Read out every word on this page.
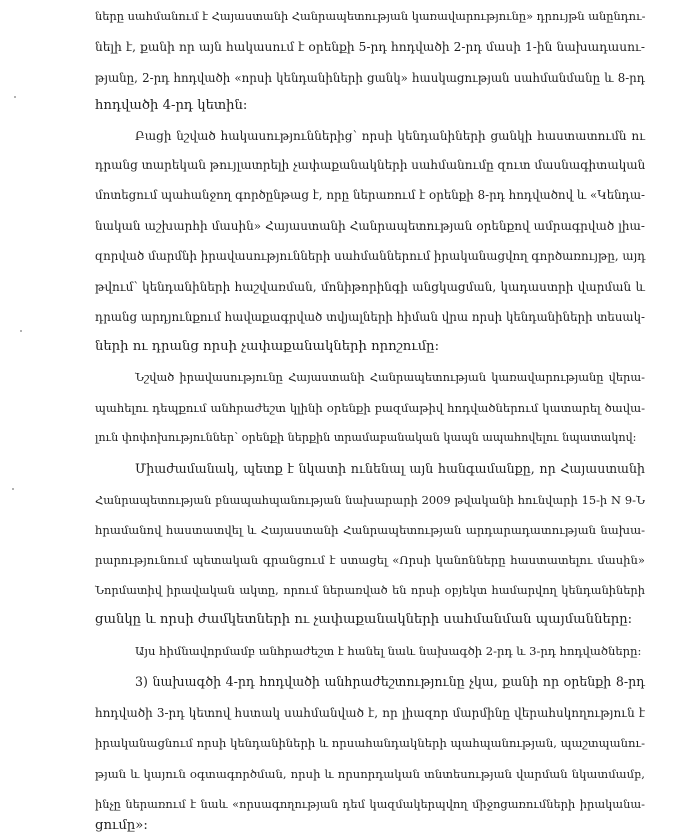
ները սահմանում է Հայաստանի Հանրապետության կառավարությունը» դրույթն անընդու-
նելի է, քանի որ այն հակասում է օրենքի 5-րդ հոդվածի 2-րդ մասի 1-ին նախադասու-
թյանը, 2-րդ հոդվածի «որսի կենդանիների ցանկ» հասկացության սահմանմանը և 8-րդ
հոդվածի 4-րդ կետին:
Բացի նշված հակասություններից՝ որսի կենդանիների ցանկի հաստատումն ու
դրանց տարեկան թույլատրելի չափաքանակների սահմանումը զուտ մասնագիտական
մոտեցում պահանջող գործընթաց է, որը ներառում է օրենքի 8-րդ հոդվածով և «Կենդա-
նական աշխարհի մասին» Հայաստանի Հանրապետության օրենքով ամրագրված լիա-
զորված մարմնի իրավասությունների սահմաններում իրականացվող գործառույթը, այդ
թվում՝ կենդանիների հաշվառման, մոնիթորինգի անցկացման, կադաստրի վարման և
դրանց արդյունքում հավաքագրված տվյալների հիման վրա որսի կենդանիների տեսակ-
ների ու դրանց որսի չափաքանակների որոշումը:
Նշված իրավասությունը Հայաստանի Հանրապետության կառավարությանը վերա-
պահելու դեպքում անհրաժեշտ կլինի օրենքի բազմաթիվ հոդվածներում կատարել ծավա-
լուն փոփոխություններ՝ օրենքի ներքին տրամաբանական կապն ապահովելու նպատակով:
Միաժամանակ, պետք է նկատի ունենալ այն հանգամանքը, որ Հայաստանի
Հանրապետության բնապահպանության նախարարի 2009 թվականի հունվարի 15-ի N 9-Ն
հրամանով հաստատվել և Հայաստանի Հանրապետության արդարադատության նախա-
րարությունում պետական գրանցում է ստացել «Որսի կանոնները հաստատելու մասին»
Նորմատիվ իրավական ակտը, որում ներառված են որսի օբյեկտ համարվող կենդանիների
ցանկը և որսի ժամկետների ու չափաքանակների սահմանման պայմանները:
Այս հիմնավորմամբ անհրաժեշտ է հանել նաև նախագծի 2-րդ և 3-րդ հոդվածները:
3) նախագծի 4-րդ հոդվածի անհրաժեշտությունը չկա, քանի որ օրենքի 8-րդ
հոդվածի 3-րդ կետով հստակ սահմանված է, որ լիազոր մարմինը վերահսկողություն է
իրականացնում որսի կենդանիների և որսահանդակների պահպանության, պաշտպանու-
թյան և կայուն օգտագործման, որսի և որսորդական տնտեսության վարման նկատմամբ,
ինչը ներառում է նաև «որսագողության դեմ կազմակերպվող միջոցառումների իրականա-
ցումը»:
